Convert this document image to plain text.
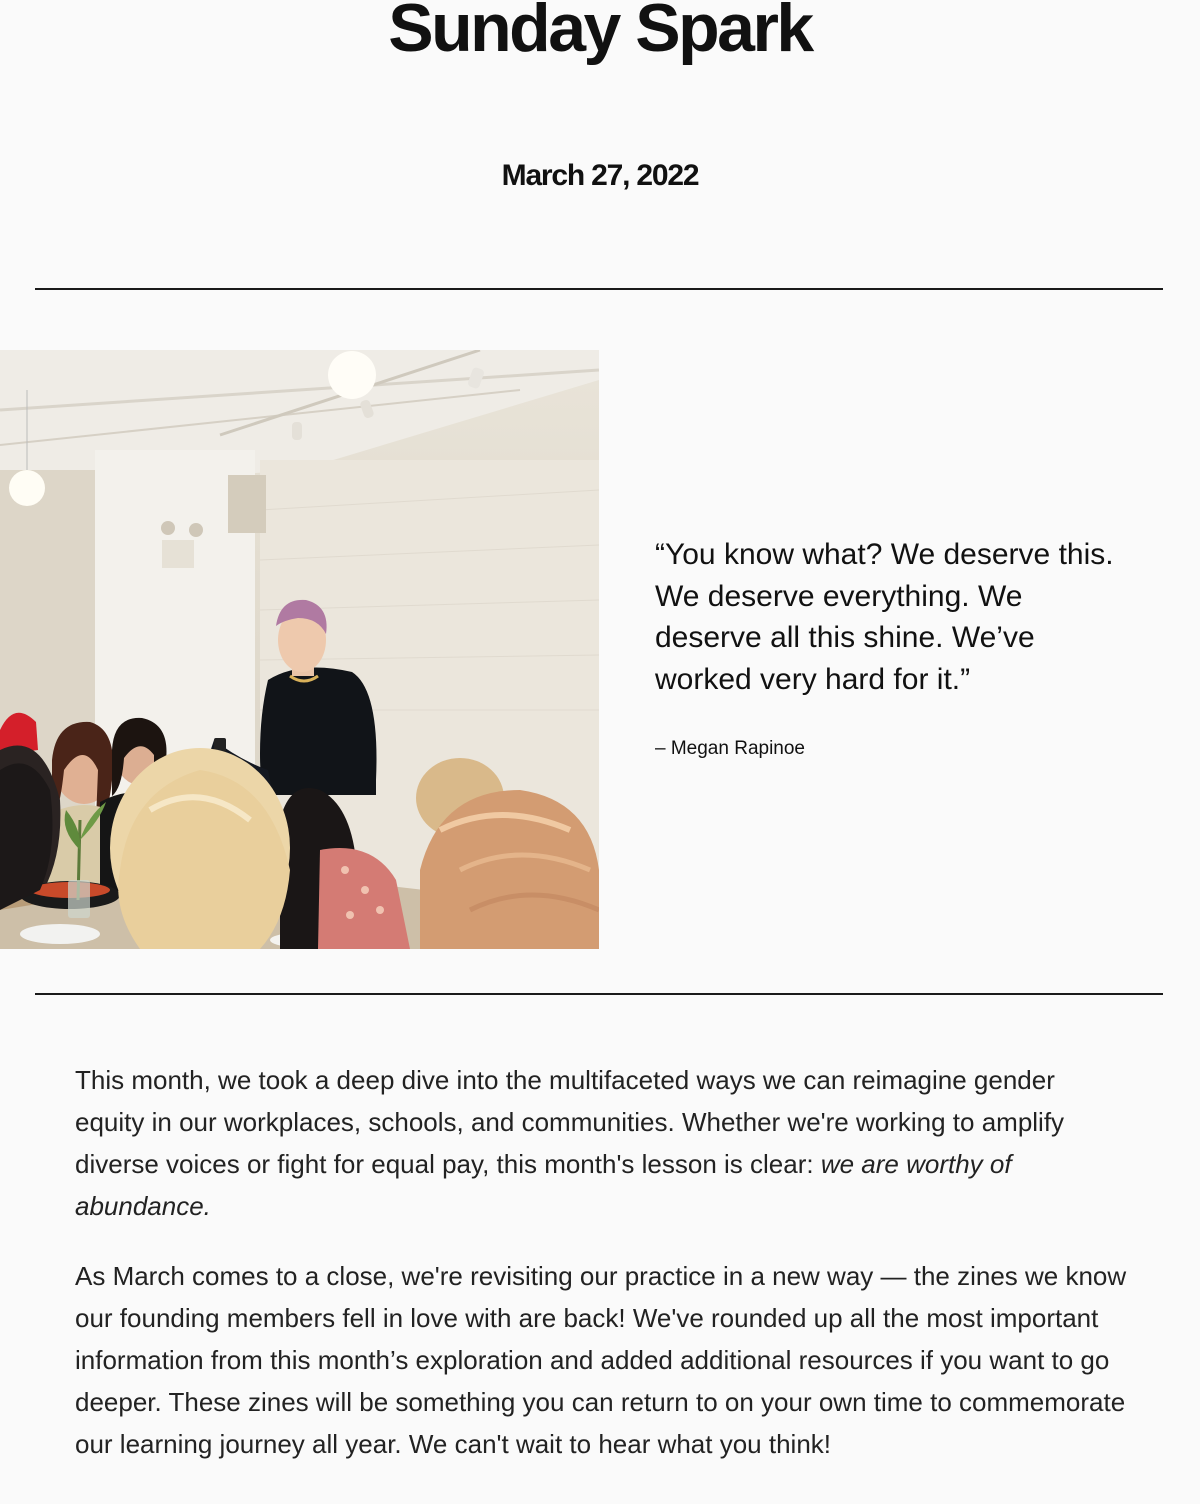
Sunday Spark
March 27, 2022

“You know what? We deserve this. We deserve everything. We deserve all this shine. We’ve worked very hard for it.”

– Megan Rapinoe

This month, we took a deep dive into the multifaceted ways we can reimagine gender equity in our workplaces, schools, and communities. Whether we're working to amplify diverse voices or fight for equal pay, this month's lesson is clear: we are worthy of abundance.

As March comes to a close, we're revisiting our practice in a new way — the zines we know our founding members fell in love with are back! We've rounded up all the most important information from this month’s exploration and added additional resources if you want to go deeper. These zines will be something you can return to on your own time to commemorate our learning journey all year. We can't wait to hear what you think!
